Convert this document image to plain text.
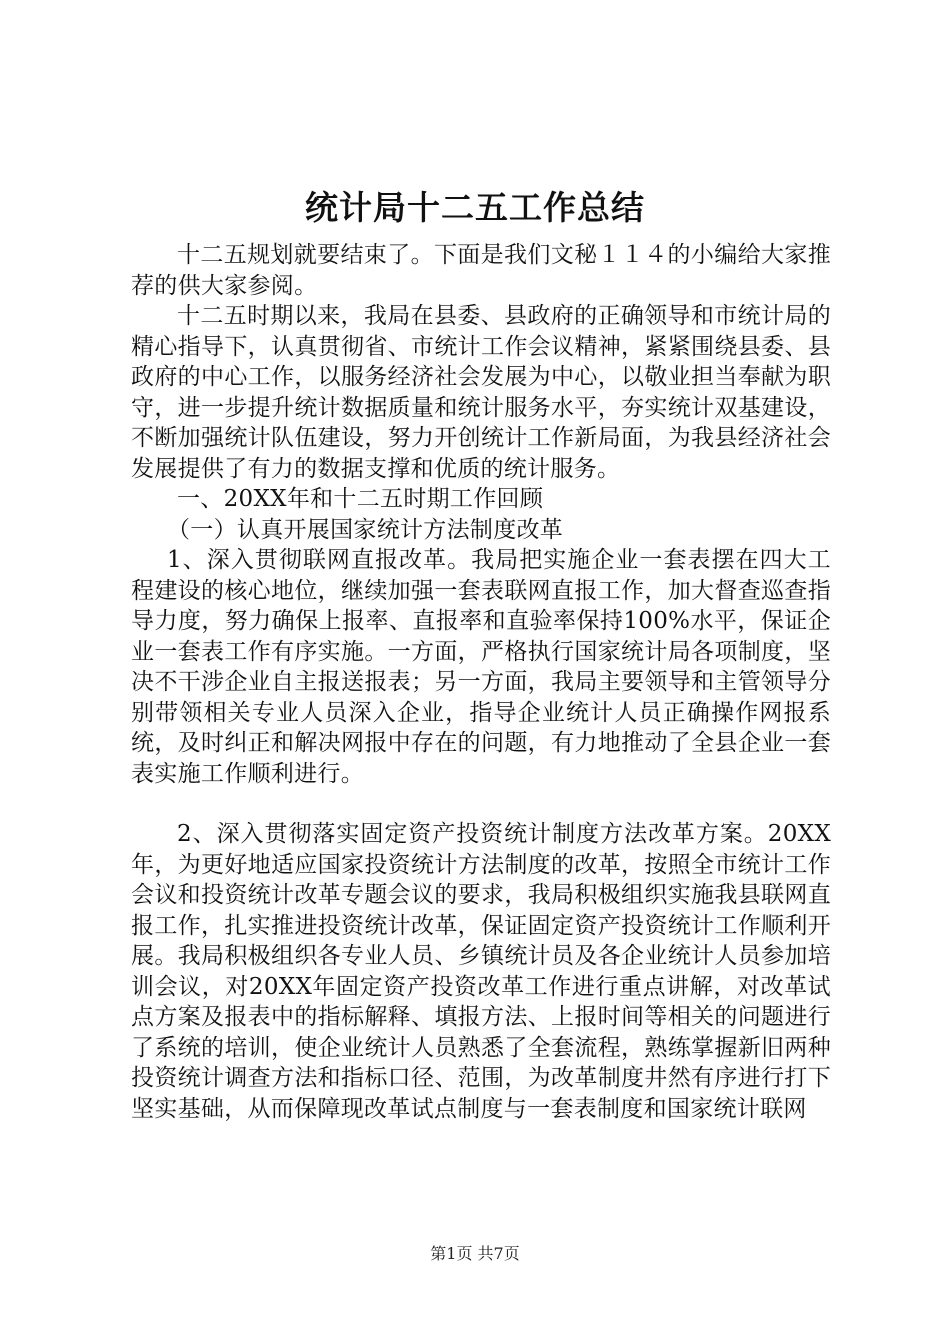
统计局十二五工作总结

十二五规划就要结束了。下面是我们文秘１１４的小编给大家推荐的供大家参阅。

十二五时期以来，我局在县委、县政府的正确领导和市统计局的精心指导下，认真贯彻省、市统计工作会议精神，紧紧围绕县委、县政府的中心工作，以服务经济社会发展为中心，以敬业担当奉献为职守，进一步提升统计数据质量和统计服务水平，夯实统计双基建设，不断加强统计队伍建设，努力开创统计工作新局面，为我县经济社会发展提供了有力的数据支撑和优质的统计服务。

一、20XX年和十二五时期工作回顾

（一）认真开展国家统计方法制度改革

1、深入贯彻联网直报改革。我局把实施企业一套表摆在四大工程建设的核心地位，继续加强一套表联网直报工作，加大督查巡查指导力度，努力确保上报率、直报率和直验率保持100%水平，保证企业一套表工作有序实施。一方面，严格执行国家统计局各项制度，坚决不干涉企业自主报送报表；另一方面，我局主要领导和主管领导分别带领相关专业人员深入企业，指导企业统计人员正确操作网报系统，及时纠正和解决网报中存在的问题，有力地推动了全县企业一套表实施工作顺利进行。

2、深入贯彻落实固定资产投资统计制度方法改革方案。20XX年，为更好地适应国家投资统计方法制度的改革，按照全市统计工作会议和投资统计改革专题会议的要求，我局积极组织实施我县联网直报工作，扎实推进投资统计改革，保证固定资产投资统计工作顺利开展。我局积极组织各专业人员、乡镇统计员及各企业统计人员参加培训会议，对20XX年固定资产投资改革工作进行重点讲解，对改革试点方案及报表中的指标解释、填报方法、上报时间等相关的问题进行了系统的培训，使企业统计人员熟悉了全套流程，熟练掌握新旧两种投资统计调查方法和指标口径、范围，为改革制度井然有序进行打下坚实基础，从而保障现改革试点制度与一套表制度和国家统计联网

第1页 共7页
